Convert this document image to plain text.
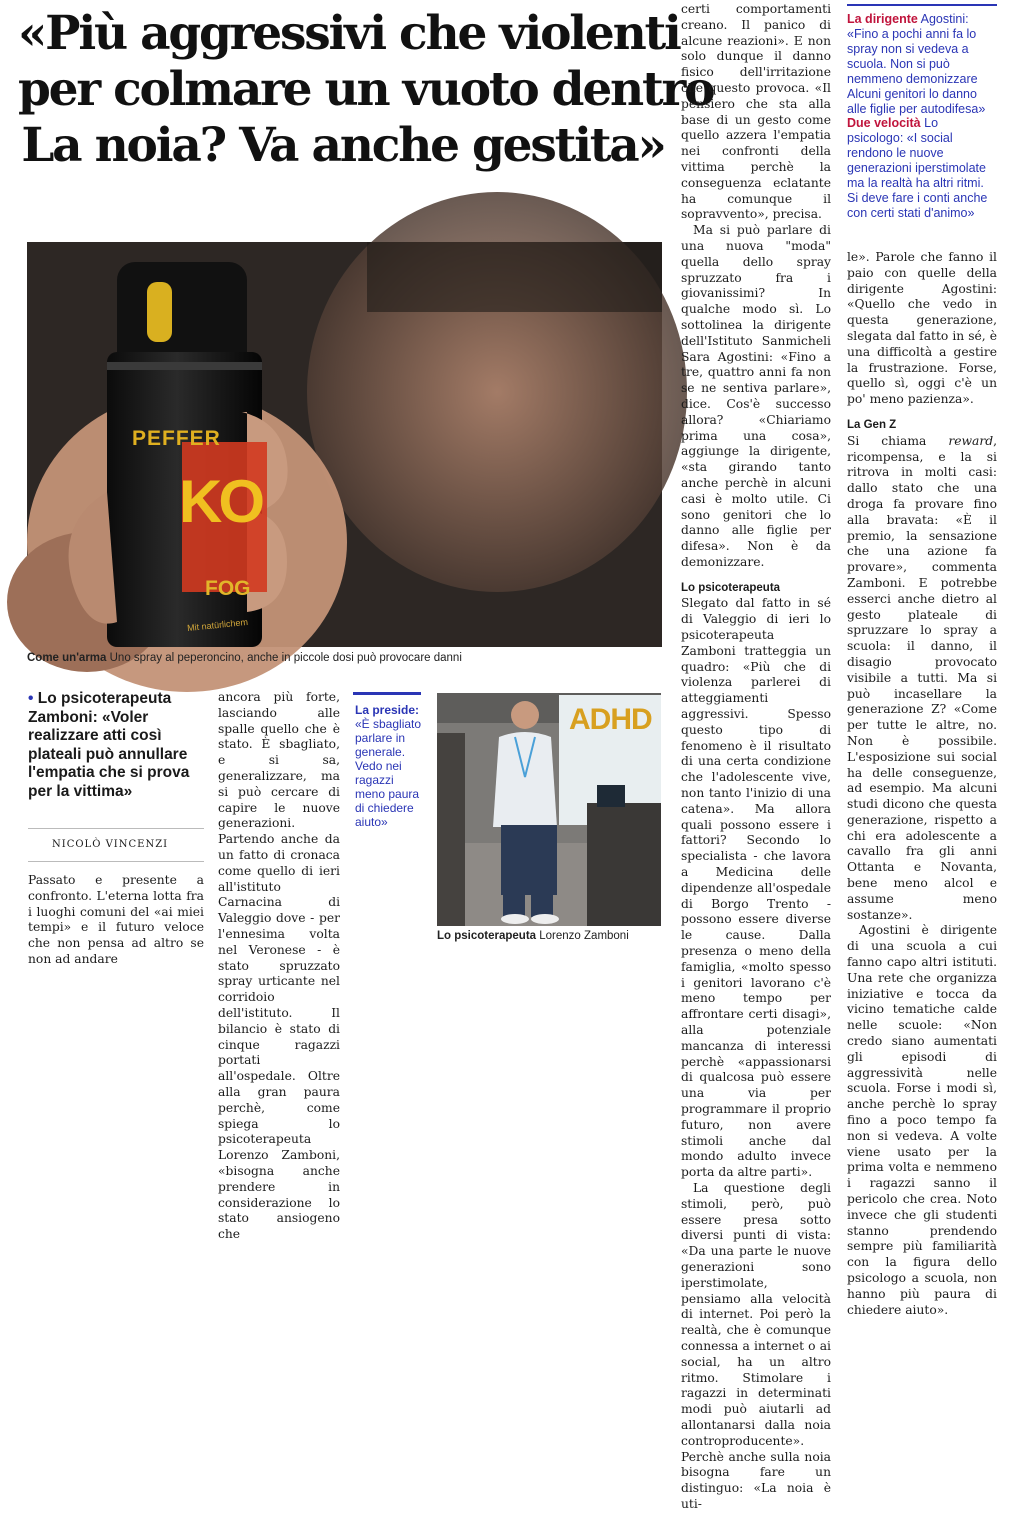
«Più aggressivi che violenti
per colmare un vuoto dentro
La noia? Va anche gestita»
PEFFER
KO
FOG
Mit natürlichem
Come un'arma Uno spray al peperoncino, anche in piccole dosi può provocare danni
• Lo psicoterapeuta Zamboni: «Voler realizzare atti così plateali può annullare l'empatia che si prova per la vittima»
NICOLÒ VINCENZI

Passato e presente a confronto. L'eterna lotta fra i luoghi comuni del «ai miei tempi» e il futuro veloce che non pensa ad altro se non ad andare

ancora più forte, lasciando alle spalle quello che è stato. È sbagliato, e si sa, generalizzare, ma si può cercare di capire le nuove generazioni. Partendo anche da un fatto di cronaca come quello di ieri all'istituto Carnacina di Valeggio dove - per l'ennesima volta nel Veronese - è stato spruzzato spray urticante nel corridoio dell'istituto. Il bilancio è stato di cinque ragazzi portati all'ospedale. Oltre alla gran paura perchè, come spiega lo psicoterapeuta Lorenzo Zamboni, «bisogna anche prendere in considerazione lo stato ansiogeno che

La preside:
«È sbagliato parlare in generale. Vedo nei ragazzi meno paura di chiedere aiuto»
ADHD
Lo psicoterapeuta Lorenzo Zamboni

certi comportamenti creano. Il panico di alcune reazioni». E non solo dunque il danno fisico dell'irritazione che questo provoca. «Il pensiero che sta alla base di un gesto come quello azzera l'empatia nei confronti della vittima perchè la conseguenza eclatante ha comunque il sopravvento», precisa.

Ma si può parlare di una nuova "moda" quella dello spray spruzzato fra i giovanissimi? In qualche modo sì. Lo sottolinea la dirigente dell'Istituto Sanmicheli Sara Agostini: «Fino a tre, quattro anni fa non se ne sentiva parlare», dice. Cos'è successo allora? «Chiariamo prima una cosa», aggiunge la dirigente, «sta girando tanto anche perchè in alcuni casi è molto utile. Ci sono genitori che lo danno alle figlie per difesa». Non è da demonizzare.

Lo psicoterapeuta

Slegato dal fatto in sé di Valeggio di ieri lo psicoterapeuta Zamboni tratteggia un quadro: «Più che di violenza parlerei di atteggiamenti aggressivi. Spesso questo tipo di fenomeno è il risultato di una certa condizione che l'adolescente vive, non tanto l'inizio di una catena». Ma allora quali possono essere i fattori? Secondo lo specialista - che lavora a Medicina delle dipendenze all'ospedale di Borgo Trento - possono essere diverse le cause. Dalla presenza o meno della famiglia, «molto spesso i genitori lavorano c'è meno tempo per affrontare certi disagi», alla potenziale mancanza di interessi perchè «appassionarsi di qualcosa può essere una via per programmare il proprio futuro, non avere stimoli anche dal mondo adulto invece porta da altre parti».

La questione degli stimoli, però, può essere presa sotto diversi punti di vista: «Da una parte le nuove generazioni sono iperstimolate, pensiamo alla velocità di internet. Poi però la realtà, che è comunque connessa a internet o ai social, ha un altro ritmo. Stimolare i ragazzi in determinati modi può aiutarli ad allontanarsi dalla noia controproducente». Perchè anche sulla noia bisogna fare un distinguo: «La noia è uti-

La dirigente Agostini: «Fino a pochi anni fa lo spray non si vedeva a scuola. Non si può nemmeno demonizzare Alcuni genitori lo danno alle figlie per autodifesa»
Due velocità Lo psicologo: «I social rendono le nuove generazioni iperstimolate ma la realtà ha altri ritmi. Si deve fare i conti anche con certi stati d'animo»

le». Parole che fanno il paio con quelle della dirigente Agostini: «Quello che vedo in questa generazione, slegata dal fatto in sé, è una difficoltà a gestire la frustrazione. Forse, quello sì, oggi c'è un po' meno pazienza».

La Gen Z

Si chiama reward, ricompensa, e la si ritrova in molti casi: dallo stato che una droga fa provare fino alla bravata: «È il premio, la sensazione che una azione fa provare», commenta Zamboni. E potrebbe esserci anche dietro al gesto plateale di spruzzare lo spray a scuola: il danno, il disagio provocato visibile a tutti. Ma si può incasellare la generazione Z? «Come per tutte le altre, no. Non è possibile. L'esposizione sui social ha delle conseguenze, ad esempio. Ma alcuni studi dicono che questa generazione, rispetto a chi era adolescente a cavallo fra gli anni Ottanta e Novanta, bene meno alcol e assume meno sostanze».

Agostini è dirigente di una scuola a cui fanno capo altri istituti. Una rete che organizza iniziative e tocca da vicino tematiche calde nelle scuole: «Non credo siano aumentati gli episodi di aggressività nelle scuola. Forse i modi sì, anche perchè lo spray fino a poco tempo fa non si vedeva. A volte viene usato per la prima volta e nemmeno i ragazzi sanno il pericolo che crea. Noto invece che gli studenti stanno prendendo sempre più familiarità con la figura dello psicologo a scuola, non hanno più paura di chiedere aiuto».
